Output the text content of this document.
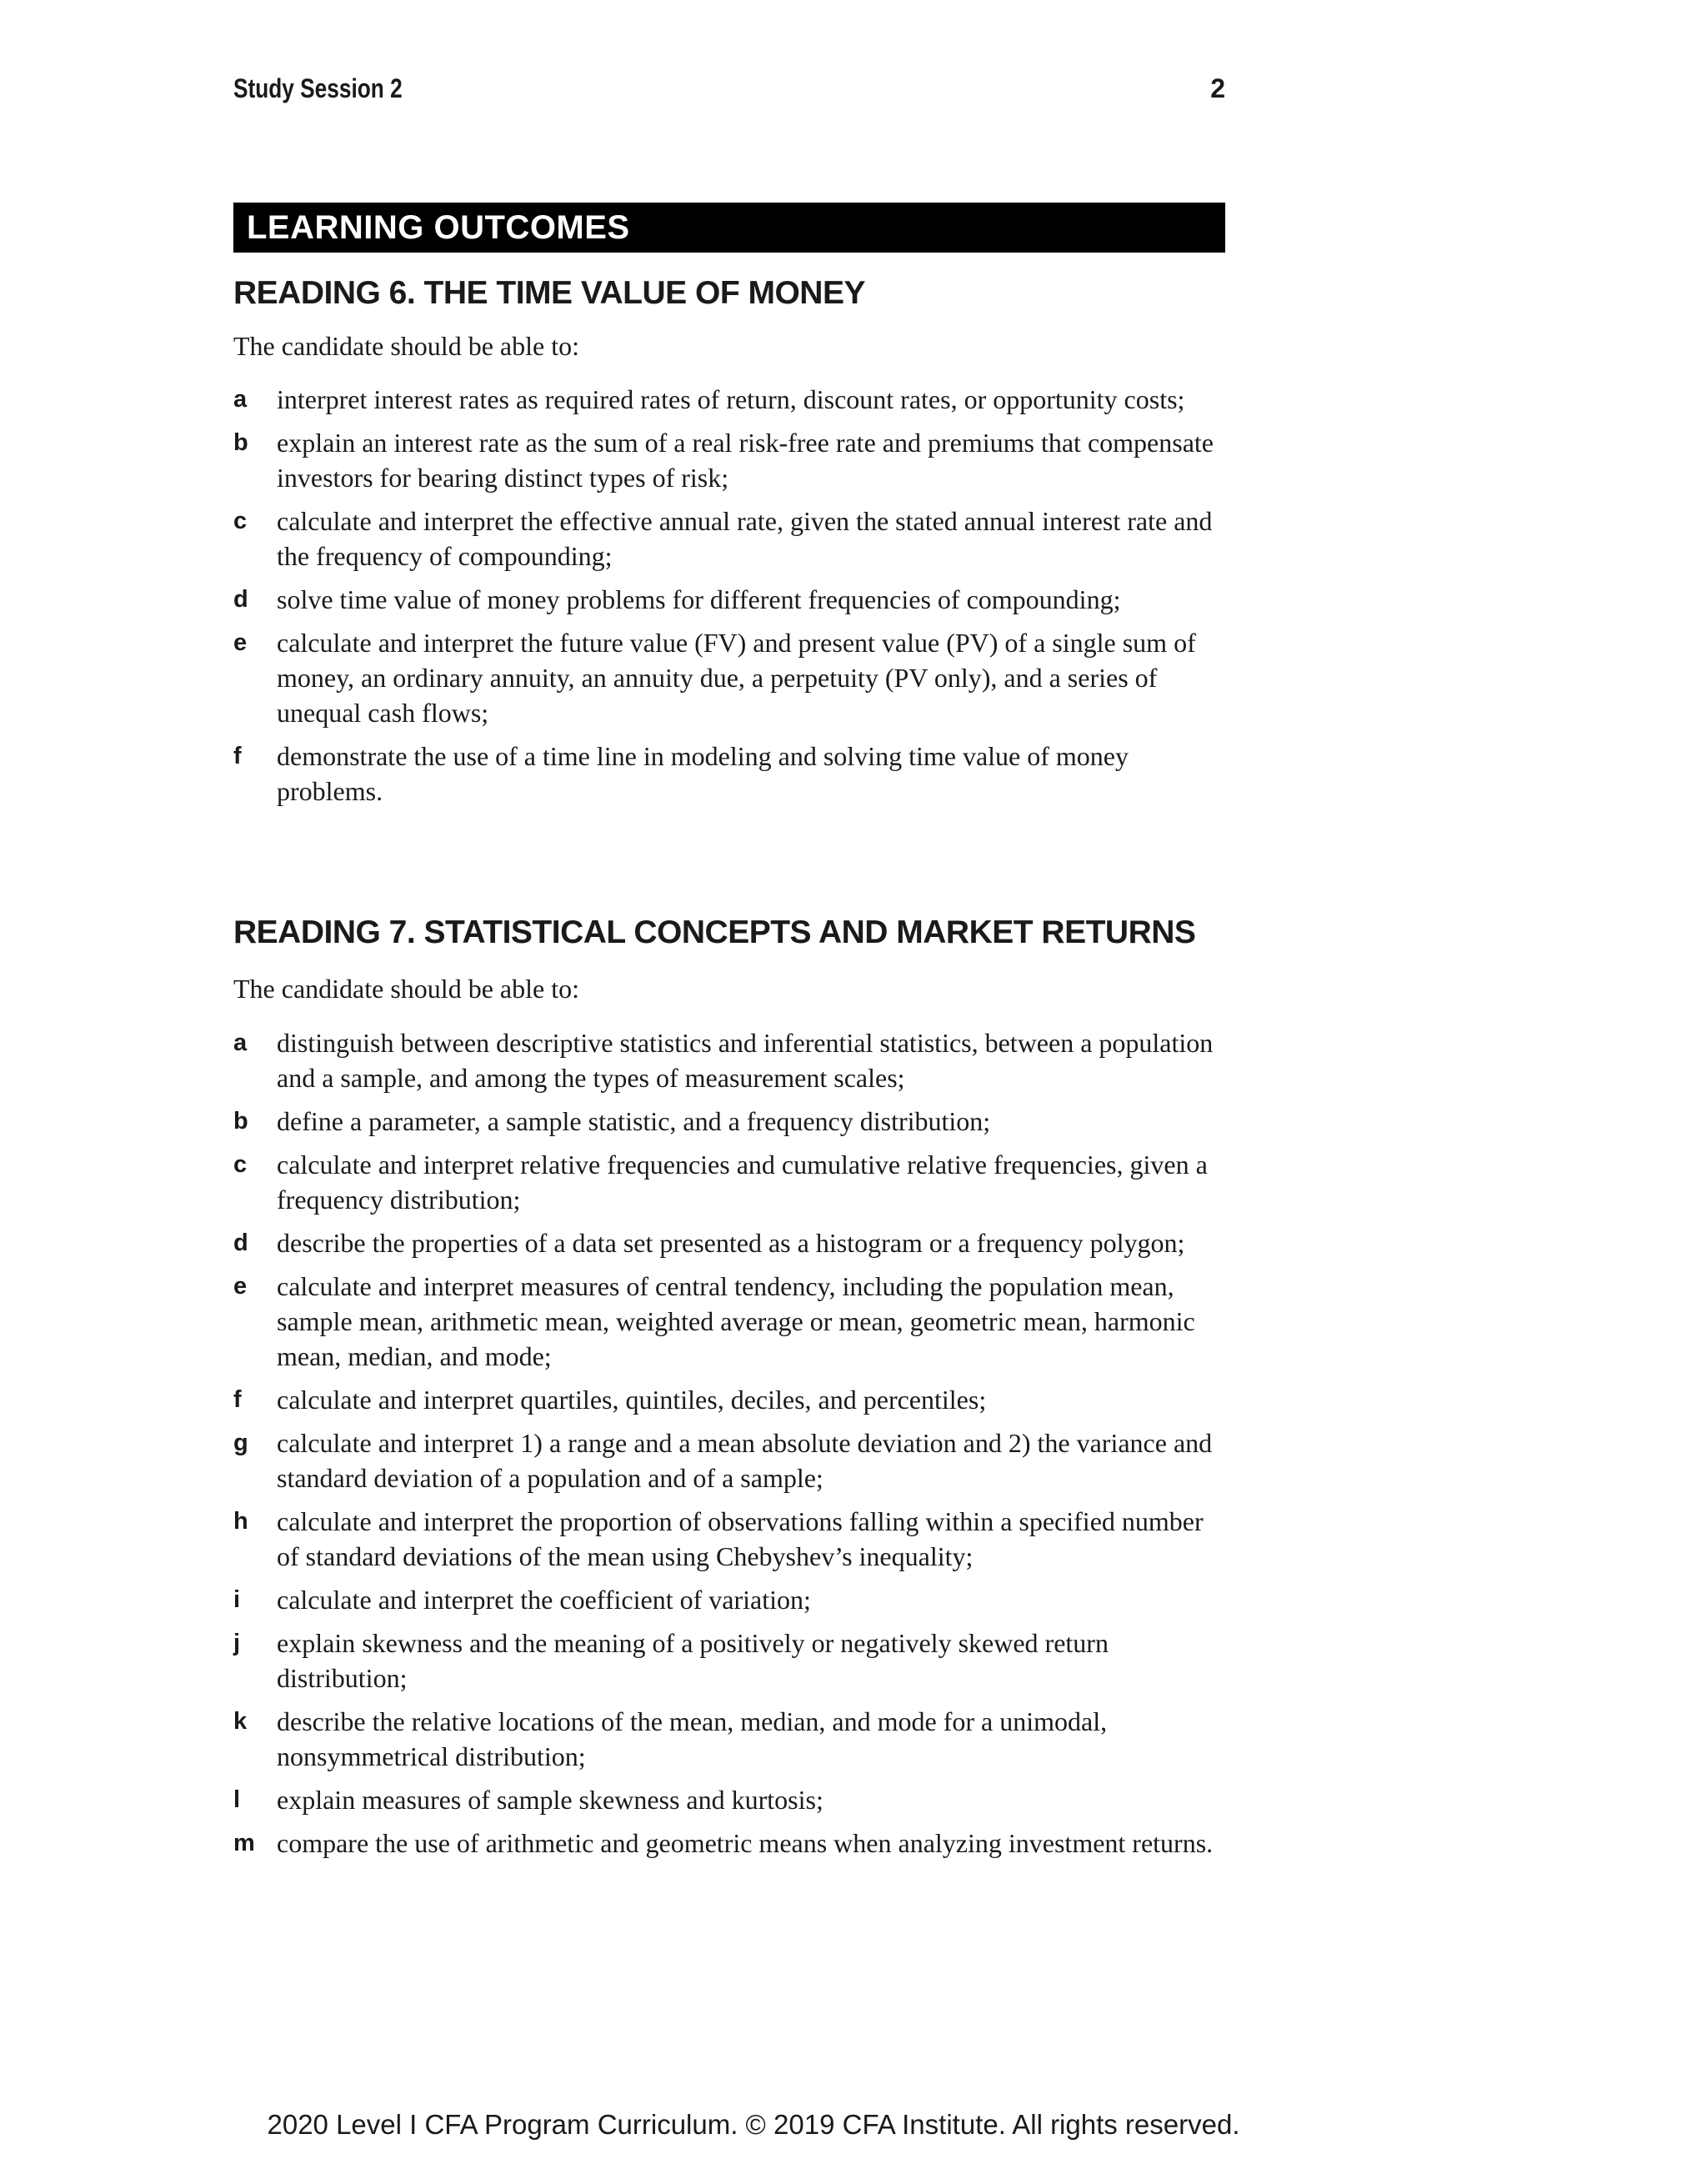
Study Session 2	2
LEARNING OUTCOMES
READING 6. THE TIME VALUE OF MONEY
The candidate should be able to:
a interpret interest rates as required rates of return, discount rates, or opportunity costs;
b explain an interest rate as the sum of a real risk-free rate and premiums that compensate investors for bearing distinct types of risk;
c calculate and interpret the effective annual rate, given the stated annual interest rate and the frequency of compounding;
d solve time value of money problems for different frequencies of compounding;
e calculate and interpret the future value (FV) and present value (PV) of a single sum of money, an ordinary annuity, an annuity due, a perpetuity (PV only), and a series of unequal cash flows;
f demonstrate the use of a time line in modeling and solving time value of money problems.
READING 7. STATISTICAL CONCEPTS AND MARKET RETURNS
The candidate should be able to:
a distinguish between descriptive statistics and inferential statistics, between a population and a sample, and among the types of measurement scales;
b define a parameter, a sample statistic, and a frequency distribution;
c calculate and interpret relative frequencies and cumulative relative frequencies, given a frequency distribution;
d describe the properties of a data set presented as a histogram or a frequency polygon;
e calculate and interpret measures of central tendency, including the population mean, sample mean, arithmetic mean, weighted average or mean, geometric mean, harmonic mean, median, and mode;
f calculate and interpret quartiles, quintiles, deciles, and percentiles;
g calculate and interpret 1) a range and a mean absolute deviation and 2) the variance and standard deviation of a population and of a sample;
h calculate and interpret the proportion of observations falling within a specified number of standard deviations of the mean using Chebyshev’s inequality;
i calculate and interpret the coefficient of variation;
j explain skewness and the meaning of a positively or negatively skewed return distribution;
k describe the relative locations of the mean, median, and mode for a unimodal, nonsymmetrical distribution;
l explain measures of sample skewness and kurtosis;
m compare the use of arithmetic and geometric means when analyzing investment returns.
2020 Level I CFA Program Curriculum. © 2019 CFA Institute. All rights reserved.
